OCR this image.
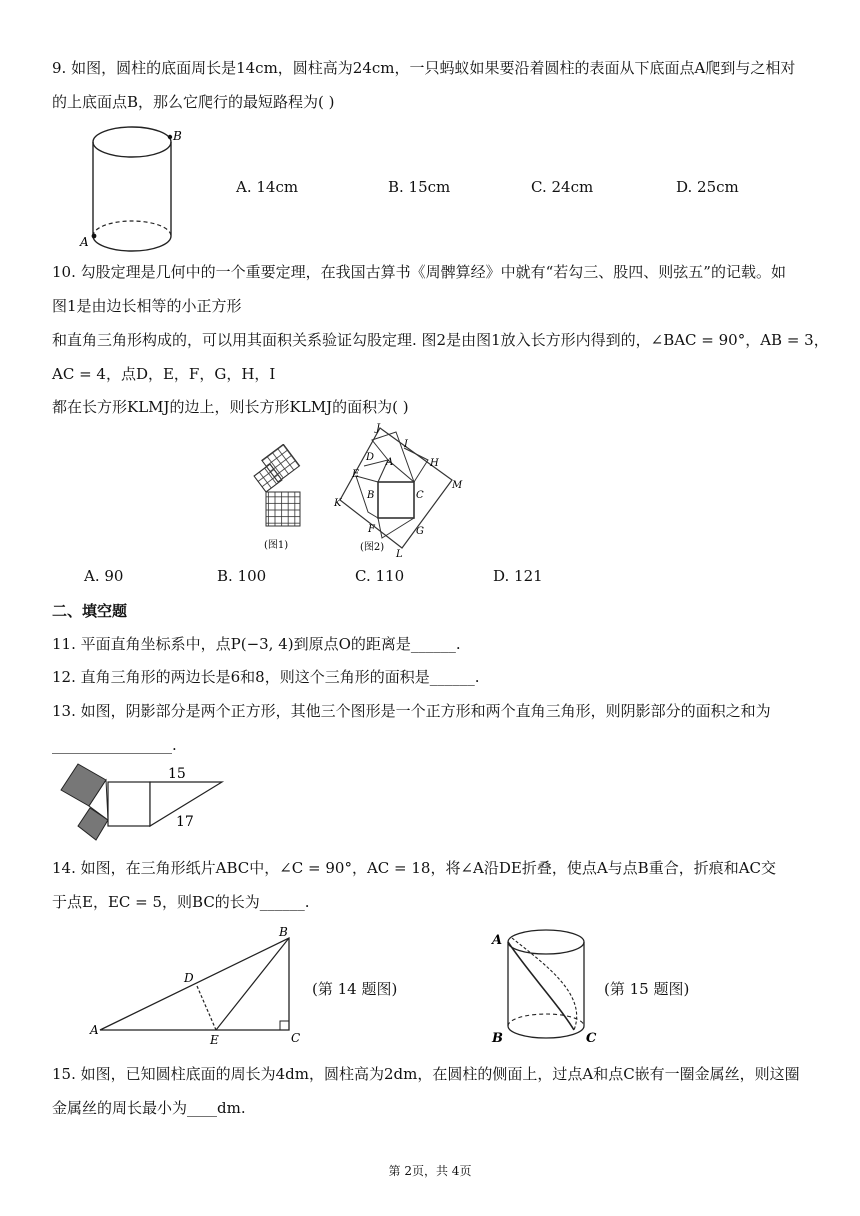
9. 如图，圆柱的底面周长是14cm，圆柱高为24cm，一只蚂蚁如果要沿着圆柱的表面从下底面点A爬到与之相对
的上底面点B，那么它爬行的最短路程为( )
A
B
A. 14cm	B. 15cm	C. 24cm	D. 25cm
10. 勾股定理是几何中的一个重要定理，在我国古算书《周髀算经》中就有“若勾三、股四、则弦五”的记载。如
图1是由边长相等的小正方形
和直角三角形构成的，可以用其面积关系验证勾股定理. 图2是由图1放入长方形内得到的，∠BAC = 90°，AB = 3，
AC = 4，点D，E，F，G，H，I
都在长方形KLMJ的边上，则长方形KLMJ的面积为( )
(图1)
J
I
D A	H
E
M
B	C
K
F	G
L
(图2)
A. 90	B. 100	C. 110	D. 121
二、填空题
11. 平面直角坐标系中，点P(−3, 4)到原点O的距离是______.
12. 直角三角形的两边长是6和8，则这个三角形的面积是______.
13. 如图，阴影部分是两个正方形，其他三个图形是一个正方形和两个直角三角形，则阴影部分的面积之和为
________________.
15
17
14. 如图，在三角形纸片ABC中，∠C = 90°，AC = 18，将∠A沿DE折叠，使点A与点B重合，折痕和AC交
于点E，EC = 5，则BC的长为______.
A
B
C
D
E
(第 14 题图)
A
B	C
(第 15 题图)
15. 如图，已知圆柱底面的周长为4dm，圆柱高为2dm，在圆柱的侧面上，过点A和点C嵌有一圈金属丝，则这圈
金属丝的周长最小为____dm.
第 2页，共 4页
